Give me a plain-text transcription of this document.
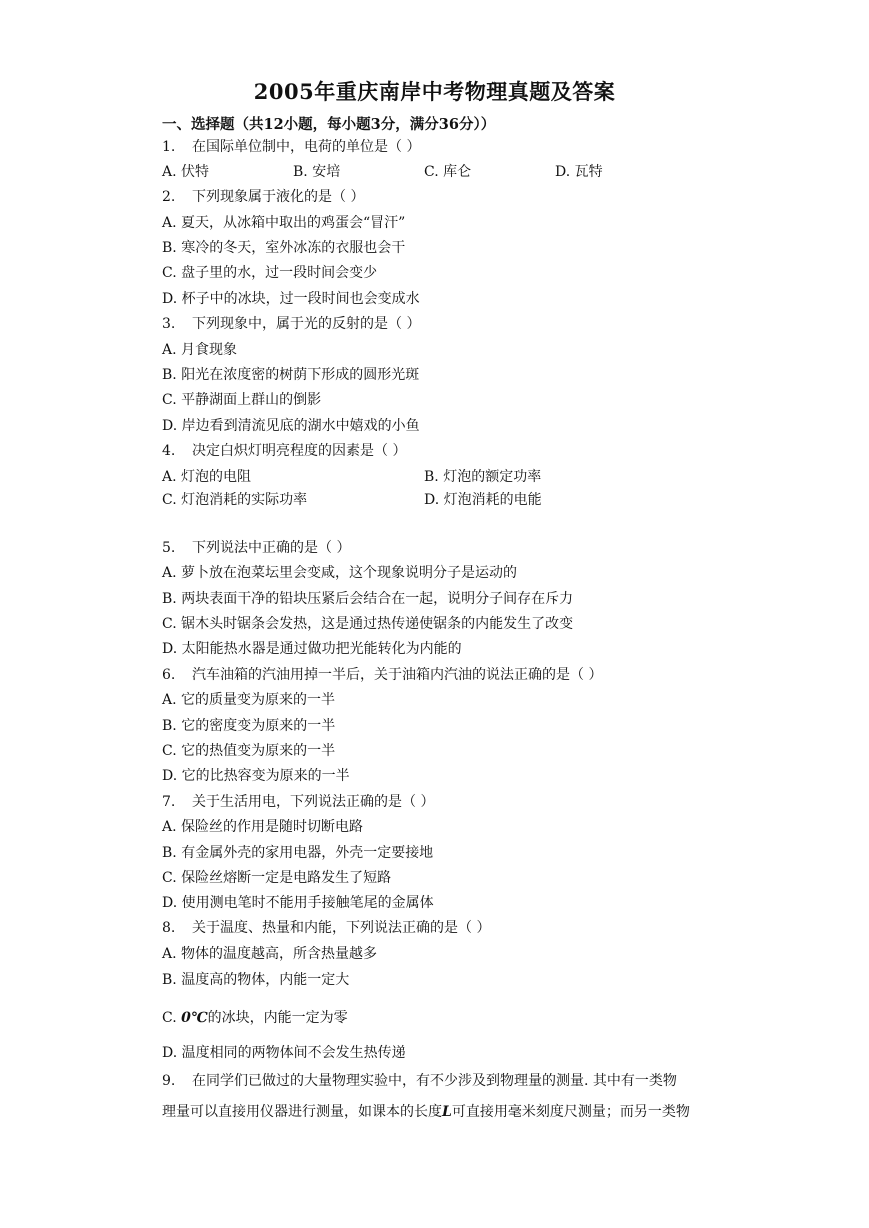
2005年重庆南岸中考物理真题及答案
一、选择题（共12小题，每小题3分，满分36分））
1. 在国际单位制中，电荷的单位是（ ）
A. 伏特	B. 安培	C. 库仑	D. 瓦特
2. 下列现象属于液化的是（ ）
A. 夏天，从冰箱中取出的鸡蛋会“冒汗”
B. 寒冷的冬天，室外冰冻的衣服也会干
C. 盘子里的水，过一段时间会变少
D. 杯子中的冰块，过一段时间也会变成水
3. 下列现象中，属于光的反射的是（ ）
A. 月食现象
B. 阳光在浓度密的树荫下形成的圆形光斑
C. 平静湖面上群山的倒影
D. 岸边看到清流见底的湖水中嬉戏的小鱼
4. 决定白炽灯明亮程度的因素是（ ）
A. 灯泡的电阻	B. 灯泡的额定功率
C. 灯泡消耗的实际功率	D. 灯泡消耗的电能
5. 下列说法中正确的是（ ）
A. 萝卜放在泡菜坛里会变咸，这个现象说明分子是运动的
B. 两块表面干净的铅块压紧后会结合在一起，说明分子间存在斥力
C. 锯木头时锯条会发热，这是通过热传递使锯条的内能发生了改变
D. 太阳能热水器是通过做功把光能转化为内能的
6. 汽车油箱的汽油用掉一半后，关于油箱内汽油的说法正确的是（ ）
A. 它的质量变为原来的一半
B. 它的密度变为原来的一半
C. 它的热值变为原来的一半
D. 它的比热容变为原来的一半
7. 关于生活用电，下列说法正确的是（ ）
A. 保险丝的作用是随时切断电路
B. 有金属外壳的家用电器，外壳一定要接地
C. 保险丝熔断一定是电路发生了短路
D. 使用测电笔时不能用手接触笔尾的金属体
8. 关于温度、热量和内能，下列说法正确的是（ ）
A. 物体的温度越高，所含热量越多
B. 温度高的物体，内能一定大
C. 0℃的冰块，内能一定为零
D. 温度相同的两物体间不会发生热传递
9. 在同学们已做过的大量物理实验中，有不少涉及到物理量的测量. 其中有一类物
理量可以直接用仪器进行测量，如课本的长度L可直接用毫米刻度尺测量；而另一类物
